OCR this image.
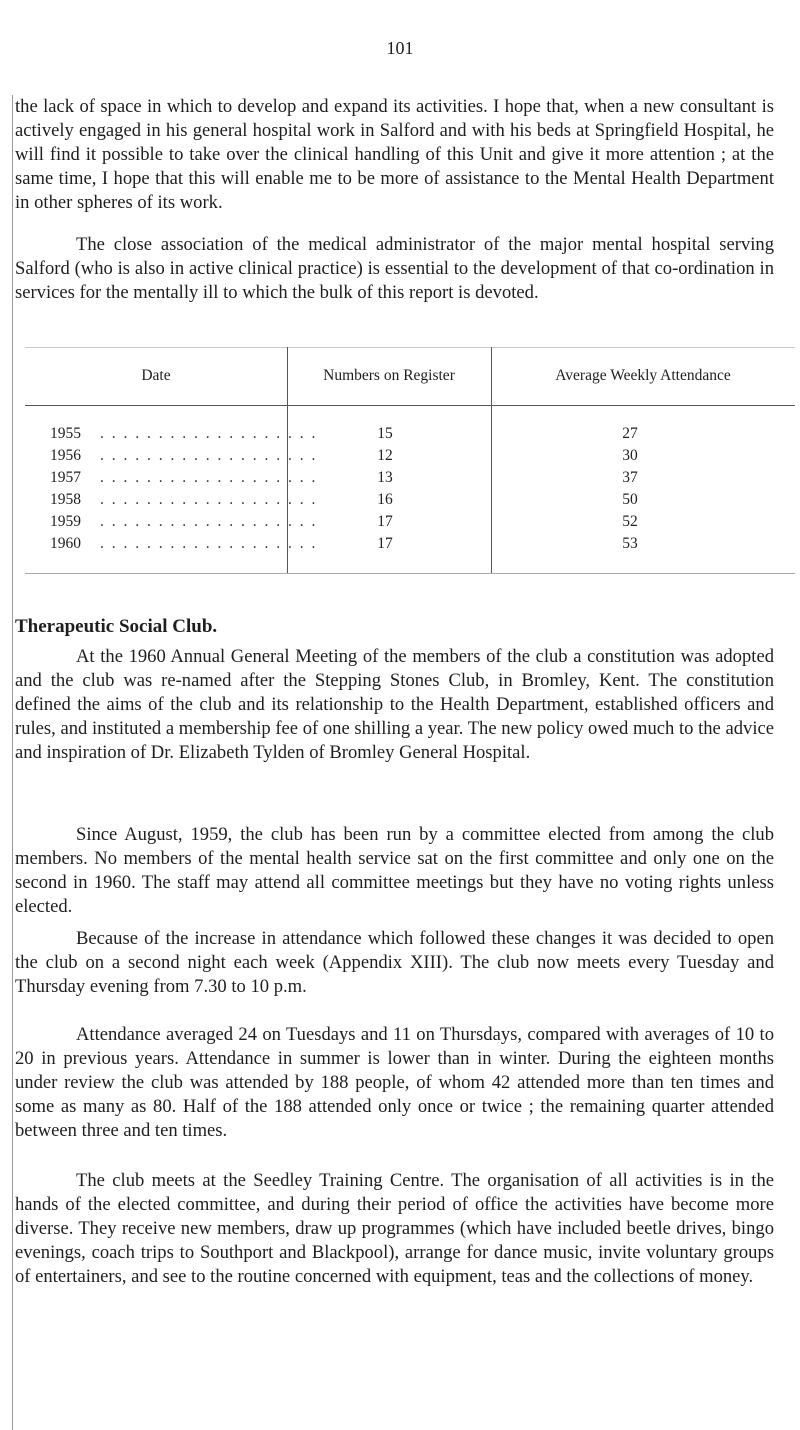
101

the lack of space in which to develop and expand its activities. I hope that, when a new consultant is actively engaged in his general hospital work in Salford and with his beds at Springfield Hospital, he will find it possible to take over the clinical handling of this Unit and give it more attention ; at the same time, I hope that this will enable me to be more of assistance to the Mental Health Department in other spheres of its work.

The close association of the medical administrator of the major mental hospital serving Salford (who is also in active clinical practice) is essential to the development of that co-ordination in services for the mentally ill to which the bulk of this report is devoted.

Date	Numbers on Register	Average Weekly Attendance
1955 . . . . . . . . . . . . . . . . . . .	15	27
1956 . . . . . . . . . . . . . . . . . . .	12	30
1957 . . . . . . . . . . . . . . . . . . .	13	37
1958 . . . . . . . . . . . . . . . . . . .	16	50
1959 . . . . . . . . . . . . . . . . . . .	17	52
1960 . . . . . . . . . . . . . . . . . . .	17	53
Therapeutic Social Club.

At the 1960 Annual General Meeting of the members of the club a constitution was adopted and the club was re-named after the Stepping Stones Club, in Bromley, Kent. The constitution defined the aims of the club and its relationship to the Health Department, established officers and rules, and instituted a membership fee of one shilling a year. The new policy owed much to the advice and inspiration of Dr. Elizabeth Tylden of Bromley General Hospital.

Since August, 1959, the club has been run by a committee elected from among the club members. No members of the mental health service sat on the first committee and only one on the second in 1960. The staff may attend all committee meetings but they have no voting rights unless elected.

Because of the increase in attendance which followed these changes it was decided to open the club on a second night each week (Appendix XIII). The club now meets every Tuesday and Thursday evening from 7.30 to 10 p.m.

Attendance averaged 24 on Tuesdays and 11 on Thursdays, compared with averages of 10 to 20 in previous years. Attendance in summer is lower than in winter. During the eighteen months under review the club was attended by 188 people, of whom 42 attended more than ten times and some as many as 80. Half of the 188 attended only once or twice ; the remaining quarter attended between three and ten times.

The club meets at the Seedley Training Centre. The organisation of all activities is in the hands of the elected committee, and during their period of office the activities have become more diverse. They receive new members, draw up programmes (which have included beetle drives, bingo evenings, coach trips to Southport and Blackpool), arrange for dance music, invite voluntary groups of entertainers, and see to the routine concerned with equipment, teas and the collections of money.
